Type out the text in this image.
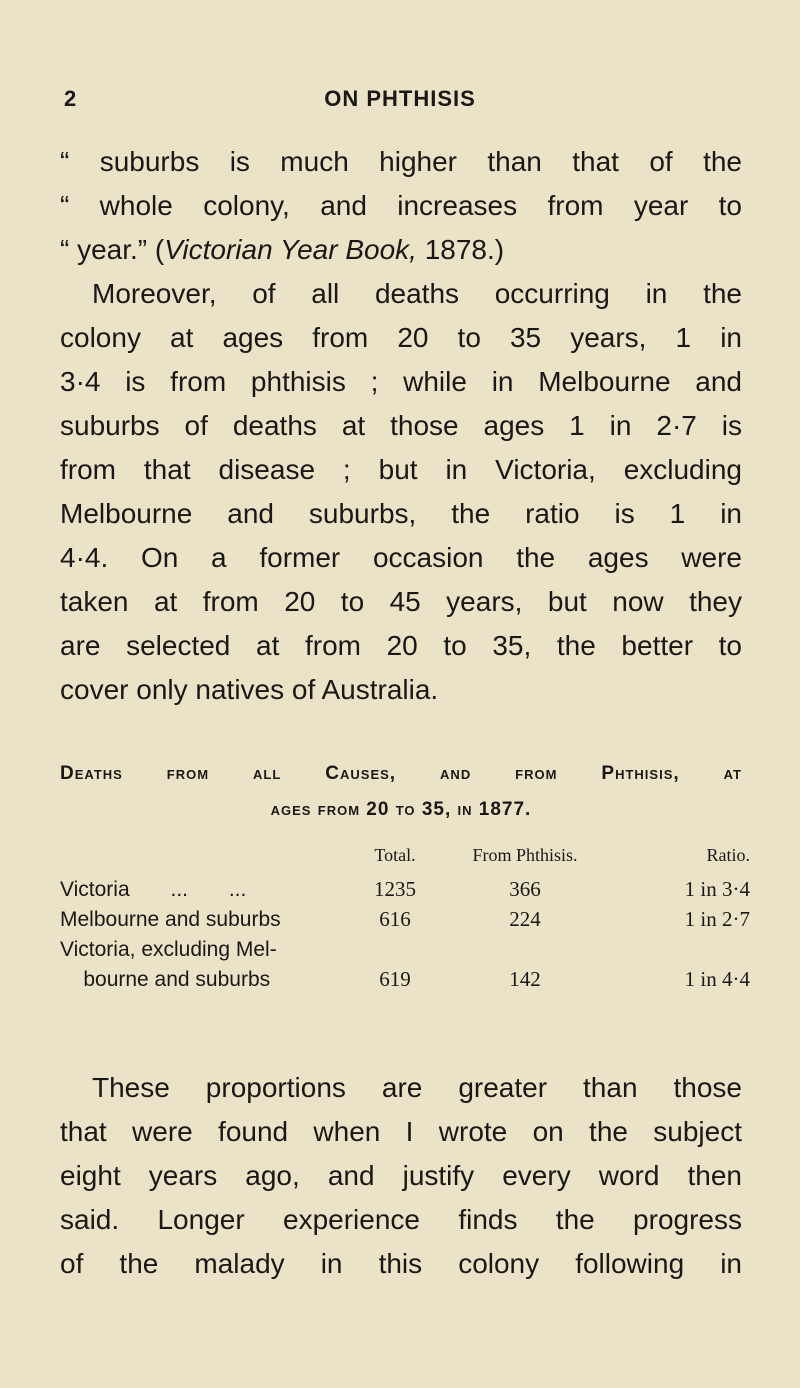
2	ON PHTHISIS
“ suburbs is much higher than that of the
“ whole colony, and increases from year to
“ year.” (Victorian Year Book, 1878.)
Moreover, of all deaths occurring in the
colony at ages from 20 to 35 years, 1 in
3·4 is from phthisis ; while in Melbourne and
suburbs of deaths at those ages 1 in 2·7 is
from that disease ; but in Victoria, excluding
Melbourne and suburbs, the ratio is 1 in
4·4. On a former occasion the ages were
taken at from 20 to 45 years, but now they
are selected at from 20 to 35, the better to
cover only natives of Australia.
Deaths from all Causes, and from Phthisis, at
ages from 20 to 35, in 1877.
	Total.	From Phthisis.	Ratio.
Victoria       ...       ...	1235	366	1 in 3·4
Melbourne and suburbs	616	224	1 in 2·7
Victoria, excluding Mel-			
bourne and suburbs	619	142	1 in 4·4
These proportions are greater than those
that were found when I wrote on the subject
eight years ago, and justify every word then
said. Longer experience finds the progress
of the malady in this colony following in
